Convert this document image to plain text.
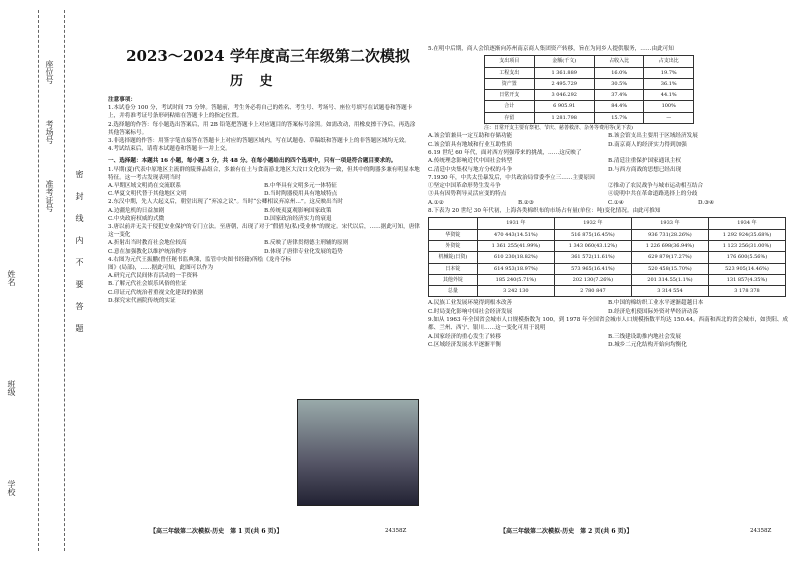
学校
班级
姓名
准考证号
考场号
座位号
密封线内不要答题
2023～2024 学年度高三年级第二次模拟
历 史

注意事项：

1.本试卷分 100 分，考试时间 75 分钟。答题前，考生务必将自己的姓名、考生号、考场号、座位号填写在试题卷和答题卡上，并将准考证号条形码粘贴在答题卡上的指定位置。

2.选择题的作答：每小题选出答案后，用 2B 铅笔把答题卡上对应题目的答案标号涂黑。如需改动，用橡皮擦干净后，再选涂其他答案标号。

3.非选择题的作答：用签字笔直接答在答题卡上对应的答题区域内，写在试题卷、草稿纸和答题卡上的非答题区域均无效。

4.考试结束后，请将本试题卷和答题卡一并上交。

一、选择题：本题共 16 小题，每小题 3 分，共 48 分。在每小题给出的四个选项中，只有一项是符合题目要求的。

1.早期(夏)代表中原地区主流群的陵葬品组合，多兼有在土与食南游北地区大汶口文化较为一致，但其中的陶器多兼有明显本地特征。这一考古发现表明当时

A.早期区域文明尚在交流联系	B.中华具有文明多元一体特征
C.华夏文明代替于其他地区文明	D.当时陶器使用具有地域特点

2.东汉中期，先人大起义后，朝堂出现了“弃凉之议”。当时“公卿相议弃凉州…”。这反映出当时

A.边疆危机的日益加剧	B.传统夷夏观影响国家政策
C.中央政府权威的式微	D.国家政治经济实力的衰退

3.唐以前并无关于侵犯安业保护的专门立法。至唐朝，出现了对于“假借见(私)受业林”的规定。宋代以后，……据此可知，唐律这一变化

A.折射出当时教育社会地位较高	B.反映了唐律贯彻德主刑辅的原则
C.意在加强教化以维护统治秩序	D.体现了唐律专业化发展的趋势

4.右图为元代王振鹏(曾任秘书监典簿，监管中央图书经籍)所绘《龙舟夺标图》(局部)，……据此可知，此图可以作为

A.研究元代民间体育活动的一手资料

B.了解元代社会娱乐风俗的佐证

C.印证元代统治者重视文化建设的依据

D.探究宋代画院传统的实证

5.在明中后期，商人会馆逐渐向苏州南京商人集团资产转移，旨在为同乡人提供服务，……由此可知

支出项目	金额(千文)	占收入比	占支出比
工程支出	1 361.889	16.0%	19.7%
资产置	2 495.729	30.5%	36.1%
日常开支	3 046.292	37.4%	44.1%
合计	6 905.91	84.4%	100%
存留	1 281.798	15.7%	—

注：日常开支主要有祭祀、节庆、慈善救济、杂务等费用等(见下表)

A.该会馆兼具一定互助和存储功能	B.该会馆支出主要用于区域经济发展
C.该会馆具有地域和行业互助性质	D.南京商人的经济实力得到加强

6.19 世纪 60 年代，面对西方列强带来的挑战，……这反映了

A.传统理念影响近代中国社会转型	B.清廷注重保护国家通讯主权
C.清廷中央集权与地方分权的斗争	D.与西方商战的思想已经出现

7.1930 年，中共太岳暴发后，中共政治局常委李立三……主要原因

①坚定中国革命形势生发斗争	②推动了农民战争与城市运动相互结合
③具有因势利导灵活应变的特点	④说明中共在革命道路选择上的分歧
A.①②	B.②③	C.①④	D.③④

8.下表为 20 世纪 30 年代初，上海各类棉织布的市场占有量(单位：吨)变化情况。由此可推知

	1931 年	1932 年	1933 年	1934 年
华资锭	470 443(14.51%)	516 875(16.45%)	936 731(28.26%)	1 292 924(35.68%)
外资锭	1 361 255(41.99%)	1 343 060(43.12%)	1 226 698(36.94%)	1 123 256(31.00%)
机械锭(日资)	610 230(18.82%)	361 572(11.61%)	629 879(17.27%)	176 600(5.56%)
日本锭	614 953(18.97%)	573 965(16.41%)	520 458(15.70%)	523 905(14.46%)
其他外锭	185 240(5.71%)	202 130(7.26%)	201 314.55(1.1%)	131 857(4.35%)
总量	3 242 130	2 780 847	3 314 554	3 178 378
A.民族工业发展环境得到根本改善	B.中国的棉纺织工业水平逐渐超越日本
C.时局变化影响中国社会经济发展	D.经济危机使国际外资对华经济动荡

9.如从 1963 年全国省会城市人口规模指数为 100，到 1978 年全国省会城市人口规模指数平均达 150.44。西南和西北的省会城市，如贵阳、成都、兰州、西宁、银川……这一变化可用于说明

A.国家经济的重心发生了转移	B.三线建设助推内地社会发展
C.区域经济发展水平逐渐平衡	D.城乡二元化结构开始向均衡化
【高三年级第二次模拟·历史　第 1 页(共 6 页)】	24358Z	【高三年级第二次模拟·历史　第 2 页(共 6 页)】	24358Z
